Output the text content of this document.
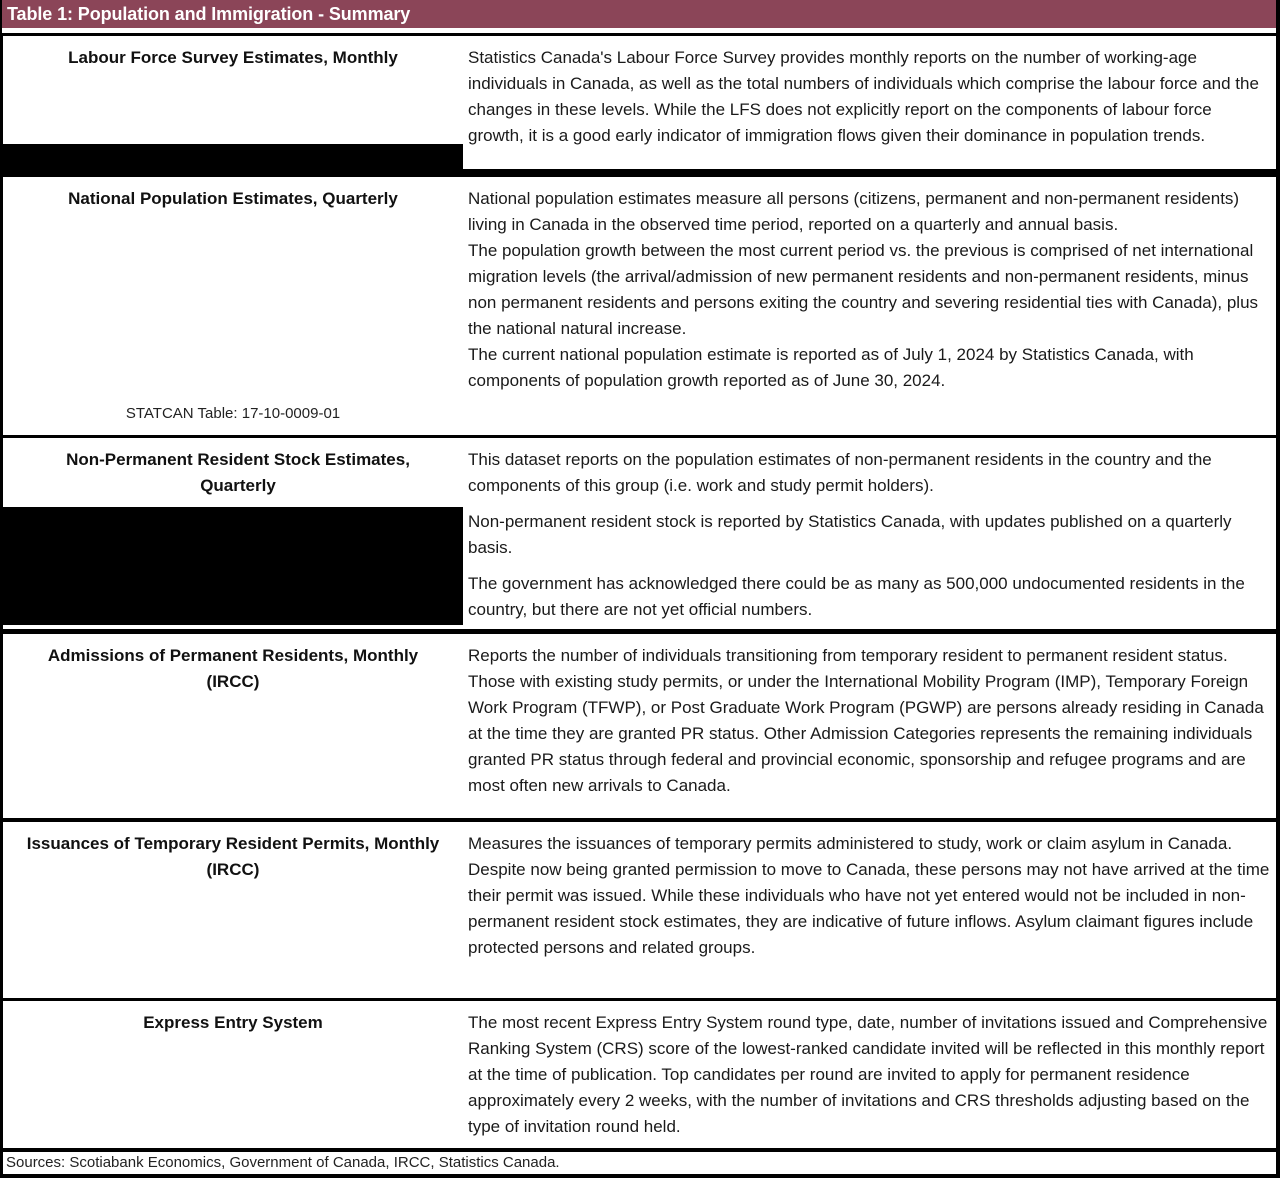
Table 1: Population and Immigration - Summary
Labour Force Survey Estimates, Monthly	Statistics Canada's Labour Force Survey provides monthly reports on the number of working-age individuals in Canada, as well as the total numbers of individuals which comprise the labour force and the changes in these levels. While the LFS does not explicitly report on the components of labour force growth, it is a good early indicator of immigration flows given their dominance in population trends.

National Population Estimates, Quarterly
STATCAN Table: 17-10-0009-01

National population estimates measure all persons (citizens, permanent and non-permanent residents) living in Canada in the observed time period, reported on a quarterly and annual basis.

The population growth between the most current period vs. the previous is comprised of net international migration levels (the arrival/admission of new permanent residents and non-permanent residents, minus non permanent residents and persons exiting the country and severing residential ties with Canada), plus the national natural increase.

The current national population estimate is reported as of July 1, 2024 by Statistics Canada, with components of population growth reported as of June 30, 2024.

Non-Permanent Resident Stock Estimates, Quarterly

This dataset reports on the population estimates of non-permanent residents in the country and the components of this group (i.e. work and study permit holders).

Non-permanent resident stock is reported by Statistics Canada, with updates published on a quarterly basis.

The government has acknowledged there could be as many as 500,000 undocumented residents in the country, but there are not yet official numbers.

Admissions of Permanent Residents, Monthly (IRCC)

Reports the number of individuals transitioning from temporary resident to permanent resident status. Those with existing study permits, or under the International Mobility Program (IMP), Temporary Foreign Work Program (TFWP), or Post Graduate Work Program (PGWP) are persons already residing in Canada at the time they are granted PR status. Other Admission Categories represents the remaining individuals granted PR status through federal and provincial economic, sponsorship and refugee programs and are most often new arrivals to Canada.

Issuances of Temporary Resident Permits, Monthly (IRCC)

Measures the issuances of temporary permits administered to study, work or claim asylum in Canada. Despite now being granted permission to move to Canada, these persons may not have arrived at the time their permit was issued. While these individuals who have not yet entered would not be included in non-permanent resident stock estimates, they are indicative of future inflows. Asylum claimant figures include protected persons and related groups.

Express Entry System	The most recent Express Entry System round type, date, number of invitations issued and Comprehensive Ranking System (CRS) score of the lowest-ranked candidate invited will be reflected in this monthly report at the time of publication. Top candidates per round are invited to apply for permanent residence approximately every 2 weeks, with the number of invitations and CRS thresholds adjusting based on the type of invitation round held.

Sources: Scotiabank Economics, Government of Canada, IRCC, Statistics Canada.
